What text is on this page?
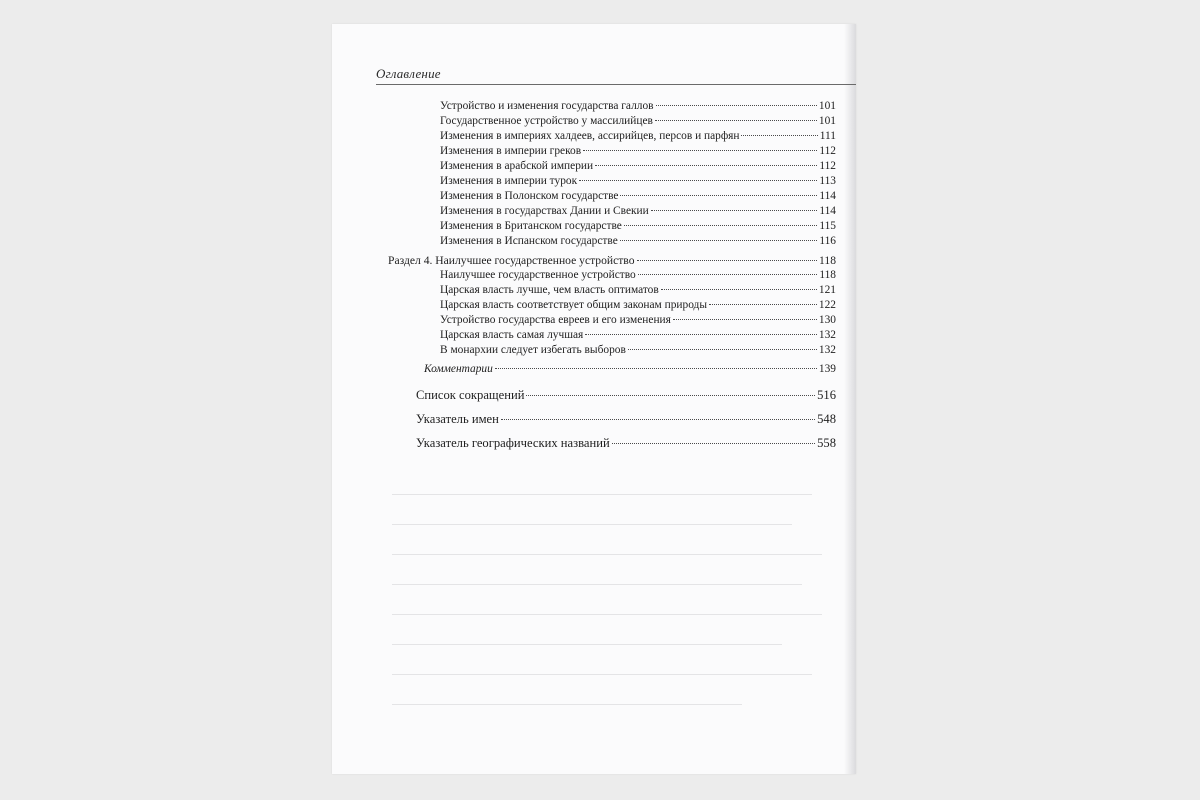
Оглавление
Устройство и изменения государства галлов	101
Государственное устройство у массилийцев	101
Изменения в империях халдеев, ассирийцев, персов и парфян	111
Изменения в империи греков	112
Изменения в арабской империи	112
Изменения в империи турок	113
Изменения в Полонском государстве	114
Изменения в государствах Дании и Свекии	114
Изменения в Британском государстве	115
Изменения в Испанском государстве	116
Раздел 4. Наилучшее государственное устройство	118
Наилучшее государственное устройство	118
Царская власть лучше, чем власть оптиматов	121
Царская власть соответствует общим законам природы	122
Устройство государства евреев и его изменения	130
Царская власть самая лучшая	132
В монархии следует избегать выборов	132
Комментарии	139
Список сокращений	516
Указатель имен	548
Указатель географических названий	558
